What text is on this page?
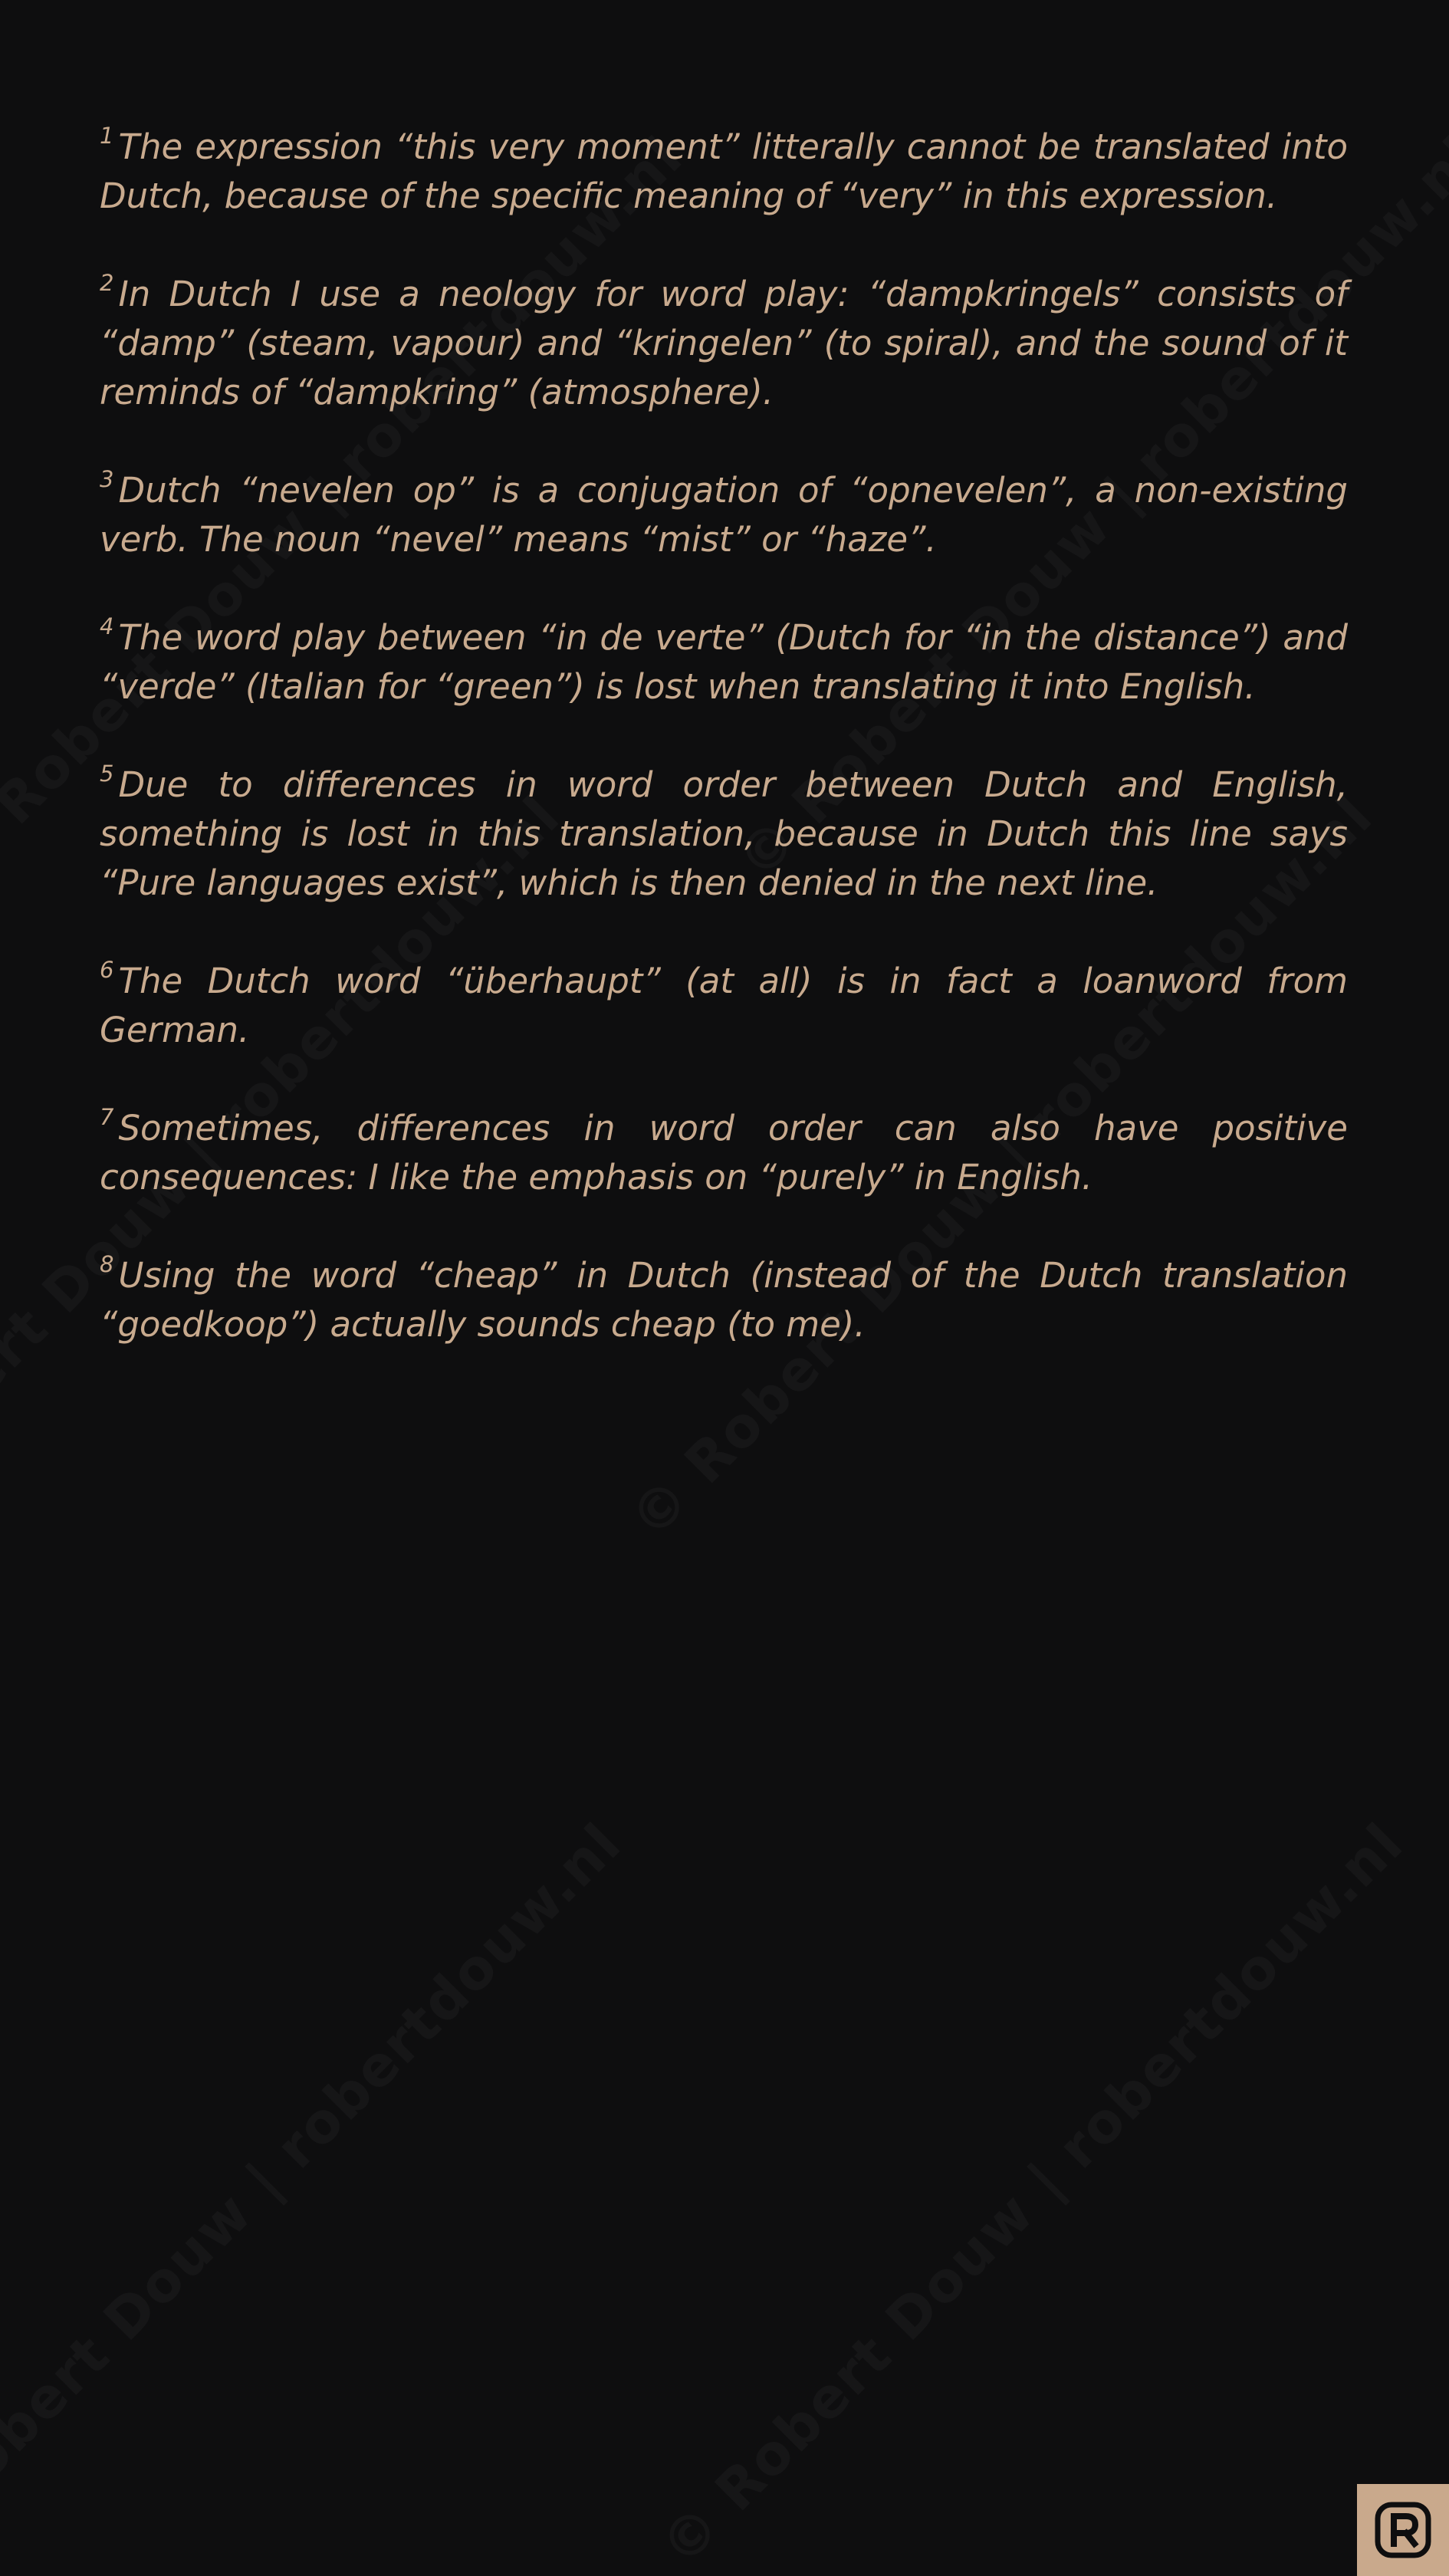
$^1$ The expression “this very moment” litterally cannot be translated into Dutch, because of the specific meaning of “very” in this expression.

$^2$ In Dutch I use a neology for word play: “dampkringels” consists of “damp” (steam, vapour) and “kringelen” (to spiral), and the sound of it reminds of “dampkring” (atmosphere).

$^3$ Dutch “nevelen op” is a conjugation of “opnevelen”, a non-existing verb. The noun “nevel” means “mist” or “haze”.

$^4$ The word play between “in de verte” (Dutch for “in the distance”) and “verde” (Italian for “green”) is lost when translating it into English.

$^5$ Due to differences in word order between Dutch and English, something is lost in this translation, because in Dutch this line says “Pure languages exist”, which is then denied in the next line.

$^6$ The Dutch word “überhaupt” (at all) is in fact a loanword from German.

$^7$ Sometimes, differences in word order can also have positive consequences: I like the emphasis on “purely” in English.

$^8$ Using the word “cheap” in Dutch (instead of the Dutch translation “goedkoop”) actually sounds cheap (to me).
